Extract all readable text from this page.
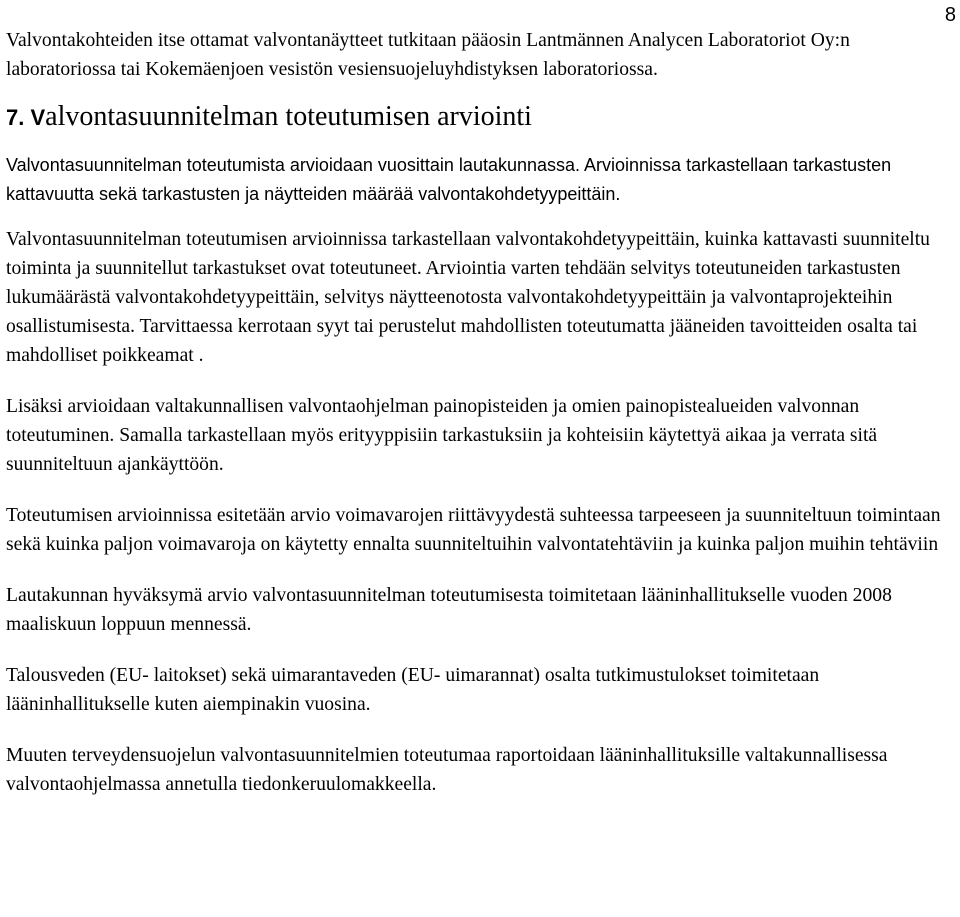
8

Valvontakohteiden itse ottamat valvontanäytteet tutkitaan pääosin Lantmännen Analycen Laboratoriot Oy:n laboratoriossa tai Kokemäenjoen vesistön vesiensuojeluyhdistyksen laboratoriossa.

7. Valvontasuunnitelman toteutumisen arviointi

Valvontasuunnitelman toteutumista arvioidaan vuosittain lautakunnassa. Arvioinnissa tarkastellaan tarkastusten kattavuutta sekä tarkastusten ja näytteiden määrää valvontakohdetyypeittäin.

Valvontasuunnitelman toteutumisen arvioinnissa tarkastellaan valvontakohdetyypeittäin, kuinka kattavasti suunniteltu toiminta ja suunnitellut tarkastukset ovat toteutuneet. Arviointia varten tehdään selvitys toteutuneiden tarkastusten lukumäärästä valvontakohdetyypeittäin, selvitys näytteenotosta valvontakohdetyypeittäin ja valvontaprojekteihin osallistumisesta. Tarvittaessa kerrotaan syyt tai perustelut mahdollisten toteutumatta jääneiden tavoitteiden osalta tai mahdolliset poikkeamat .

Lisäksi arvioidaan valtakunnallisen valvontaohjelman painopisteiden ja omien painopistealueiden valvonnan toteutuminen. Samalla tarkastellaan myös erityyppisiin tarkastuksiin ja kohteisiin käytettyä aikaa ja verrata sitä suunniteltuun ajankäyttöön.

Toteutumisen arvioinnissa esitetään arvio voimavarojen riittävyydestä suhteessa tarpeeseen ja suunniteltuun toimintaan sekä kuinka paljon voimavaroja on käytetty ennalta suunniteltuihin valvontatehtäviin ja kuinka paljon muihin tehtäviin

Lautakunnan hyväksymä arvio valvontasuunnitelman toteutumisesta toimitetaan lääninhallitukselle vuoden 2008 maaliskuun loppuun mennessä.

Talousveden (EU- laitokset) sekä uimarantaveden (EU- uimarannat) osalta tutkimustulokset toimitetaan lääninhallitukselle kuten aiempinakin vuosina.

Muuten terveydensuojelun valvontasuunnitelmien toteutumaa raportoidaan lääninhallituksille valtakunnallisessa valvontaohjelmassa annetulla tiedonkeruulomakkeella.
